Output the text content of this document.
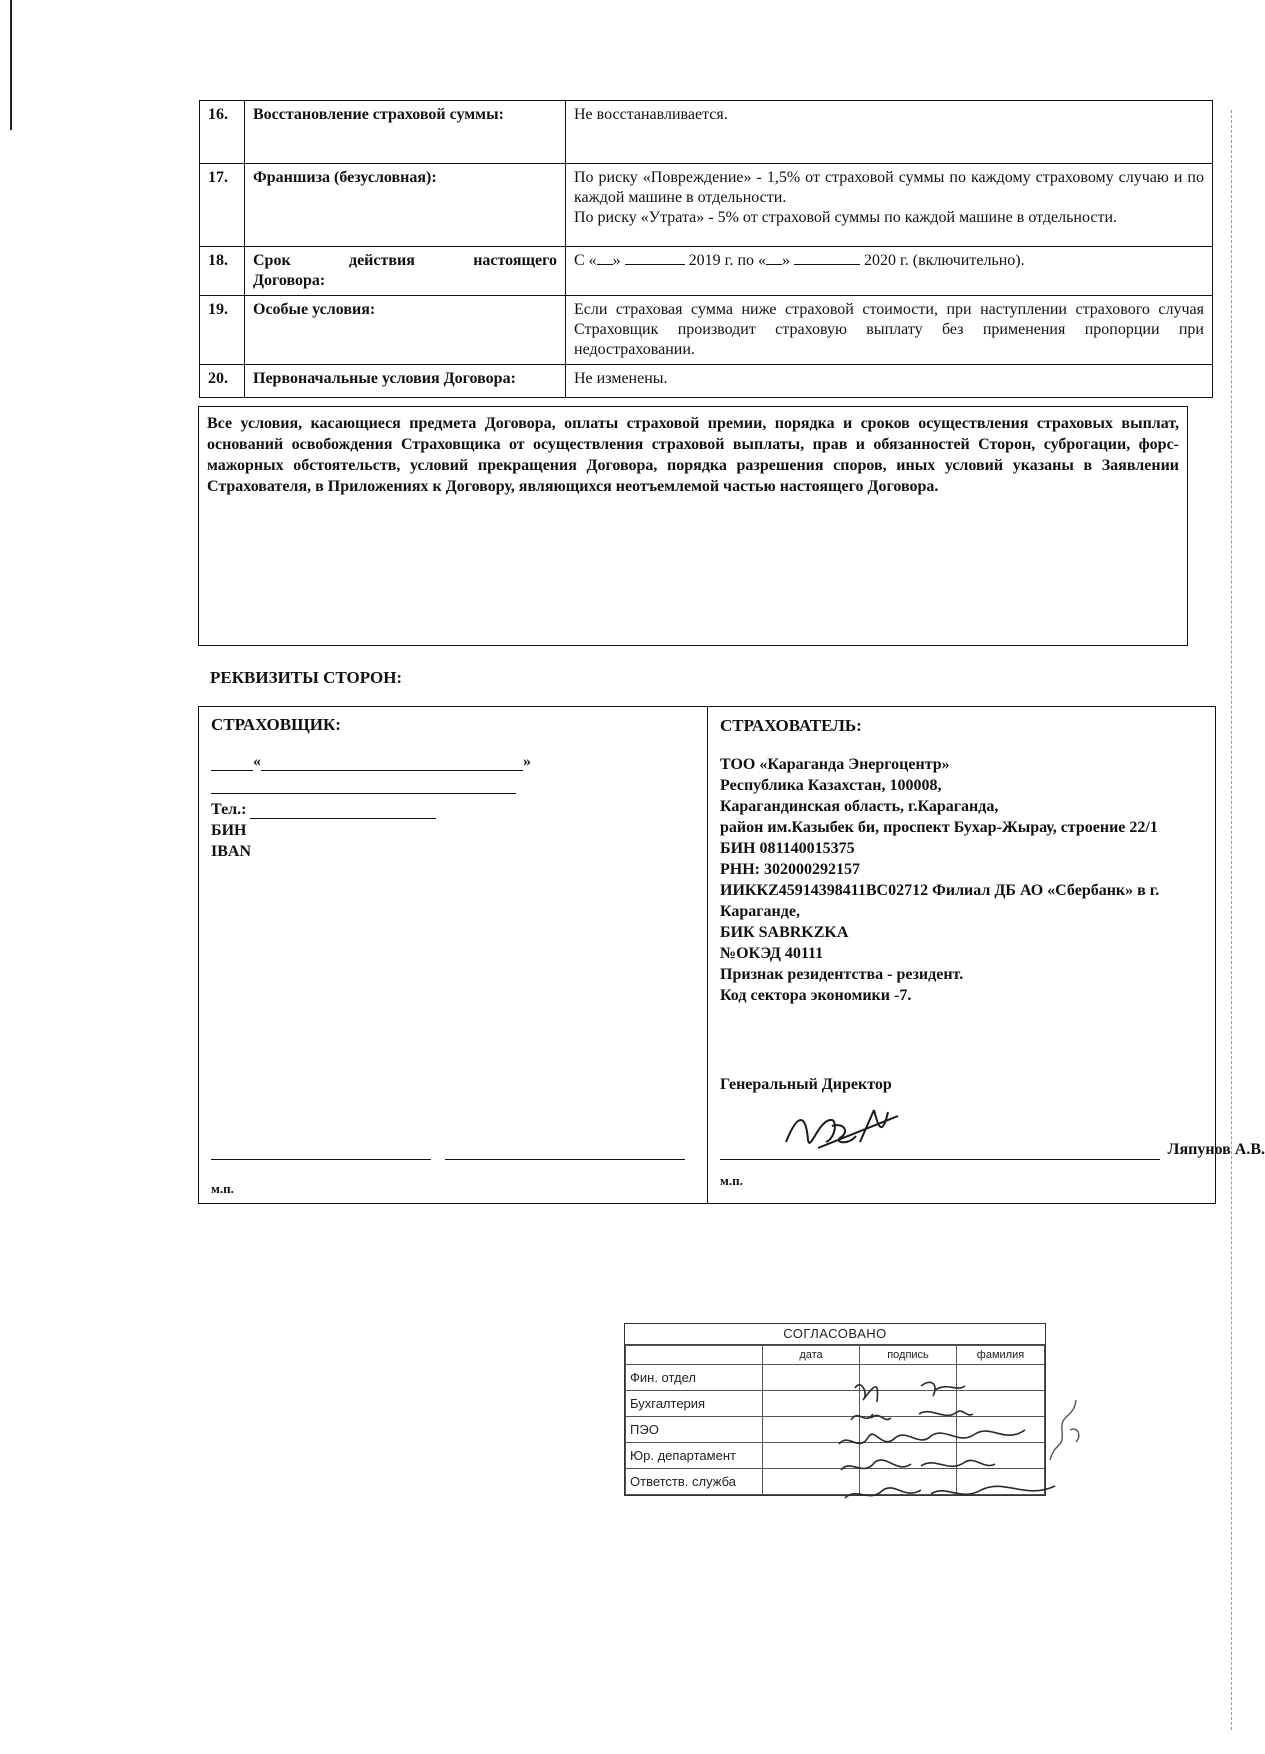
16.	Восстановление страховой суммы:	Не восстанавливается.
17.	Франшиза (безусловная):	По риску «Повреждение» - 1,5% от страховой суммы по каждому страховому случаю и по каждой машине в отдельности.
По риску «Утрата» - 5% от страховой суммы по каждой машине в отдельности.

18.	Срок действия настоящего
Договора:	С « » 2019 г. по « » 2020 г. (включительно).
19.	Особые условия:	Если страховая сумма ниже страховой стоимости, при наступлении страхового случая Страховщик производит страховую выплату без применения пропорции при недостраховании.
20.	Первоначальные условия Договора:	Не изменены.

Все условия, касающиеся предмета Договора, оплаты страховой премии, порядка и сроков осуществления страховых выплат, оснований освобождения Страховщика от осуществления страховой выплаты, прав и обязанностей Сторон, суброгации, форс-мажорных обстоятельств, условий прекращения Договора, порядка разрешения споров, иных условий указаны в Заявлении Страхователя, в Приложениях к Договору, являющихся неотъемлемой частью настоящего Договора.

РЕКВИЗИТЫ СТОРОН:
СТРАХОВЩИК:
«	»
Тел.:
БИН
IBAN
м.п.
СТРАХОВАТЕЛЬ:
ТОО «Караганда Энергоцентр»
Республика Казахстан, 100008,
Карагандинская область, г.Караганда,
район им.Казыбек би, проспект Бухар-Жырау, строение 22/1
БИН 081140015375
РНН: 302000292157
ИИККZ45914398411BC02712 Филиал ДБ АО «Сбербанк» в г. Караганде,
БИК SABRKZKA
№ОКЭД 40111
Признак резидентства - резидент.
Код сектора экономики -7.
Генеральный Директор
Ляпунов А.В.
м.п.
СОГЛАСОВАНО
	дата	подпись	фамилия
Фин. отдел			
Бухгалтерия			
ПЭО			
Юр. департамент			
Ответств. служба			
